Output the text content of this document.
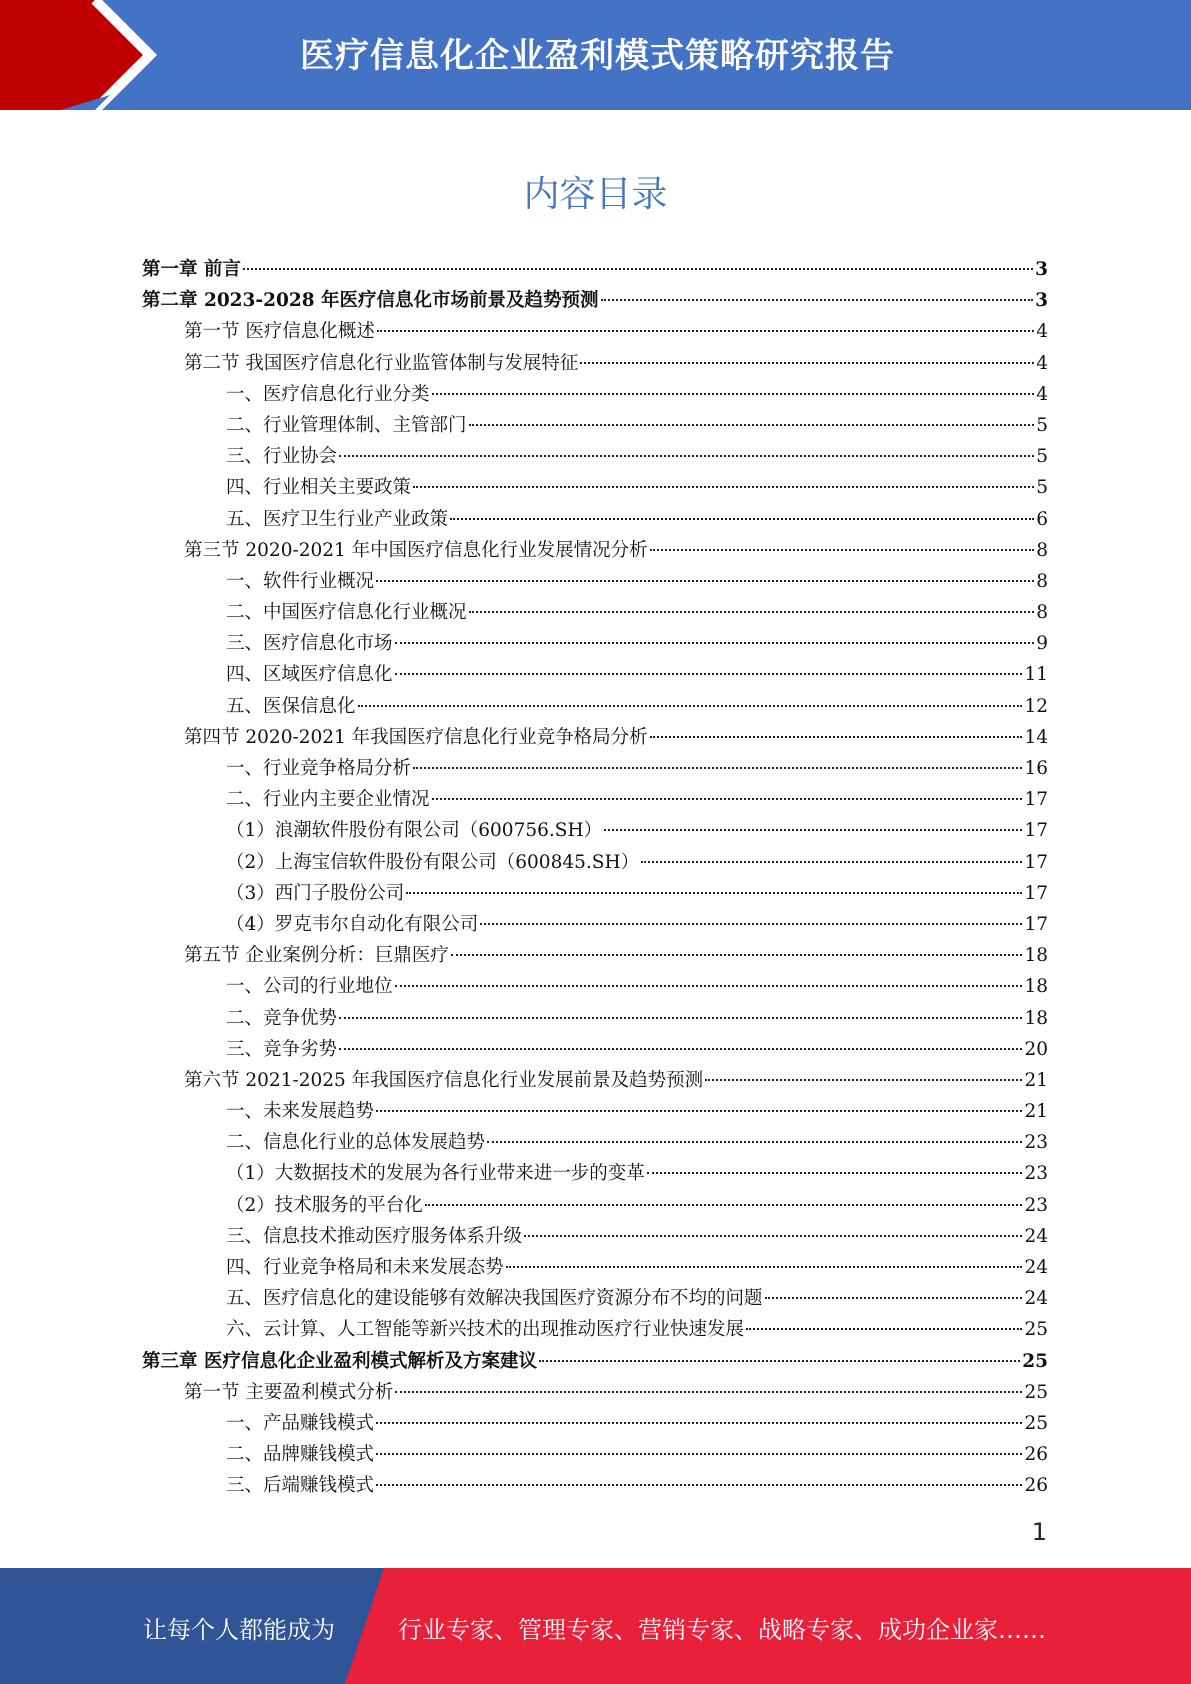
医疗信息化企业盈利模式策略研究报告
内容目录
第一章 前言	3
第二章 2023-2028 年医疗信息化市场前景及趋势预测	3
第一节 医疗信息化概述	4
第二节 我国医疗信息化行业监管体制与发展特征	4
一、医疗信息化行业分类	4
二、行业管理体制、主管部门	5
三、行业协会	5
四、行业相关主要政策	5
五、医疗卫生行业产业政策	6
第三节 2020-2021 年中国医疗信息化行业发展情况分析	8
一、软件行业概况	8
二、中国医疗信息化行业概况	8
三、医疗信息化市场	9
四、区域医疗信息化	11
五、医保信息化	12
第四节 2020-2021 年我国医疗信息化行业竞争格局分析	14
一、行业竞争格局分析	16
二、行业内主要企业情况	17
（1）浪潮软件股份有限公司（600756.SH）	17
（2）上海宝信软件股份有限公司（600845.SH）	17
（3）西门子股份公司	17
（4）罗克韦尔自动化有限公司	17
第五节 企业案例分析：巨鼎医疗	18
一、公司的行业地位	18
二、竞争优势	18
三、竞争劣势	20
第六节 2021-2025 年我国医疗信息化行业发展前景及趋势预测	21
一、未来发展趋势	21
二、信息化行业的总体发展趋势	23
（1）大数据技术的发展为各行业带来进一步的变革	23
（2）技术服务的平台化	23
三、信息技术推动医疗服务体系升级	24
四、行业竞争格局和未来发展态势	24
五、医疗信息化的建设能够有效解决我国医疗资源分布不均的问题	24
六、云计算、人工智能等新兴技术的出现推动医疗行业快速发展	25
第三章 医疗信息化企业盈利模式解析及方案建议	25
第一节 主要盈利模式分析	25
一、产品赚钱模式	25
二、品牌赚钱模式	26
三、后端赚钱模式	26
1
让每个人都能成为	行业专家、管理专家、营销专家、战略专家、成功企业家……
